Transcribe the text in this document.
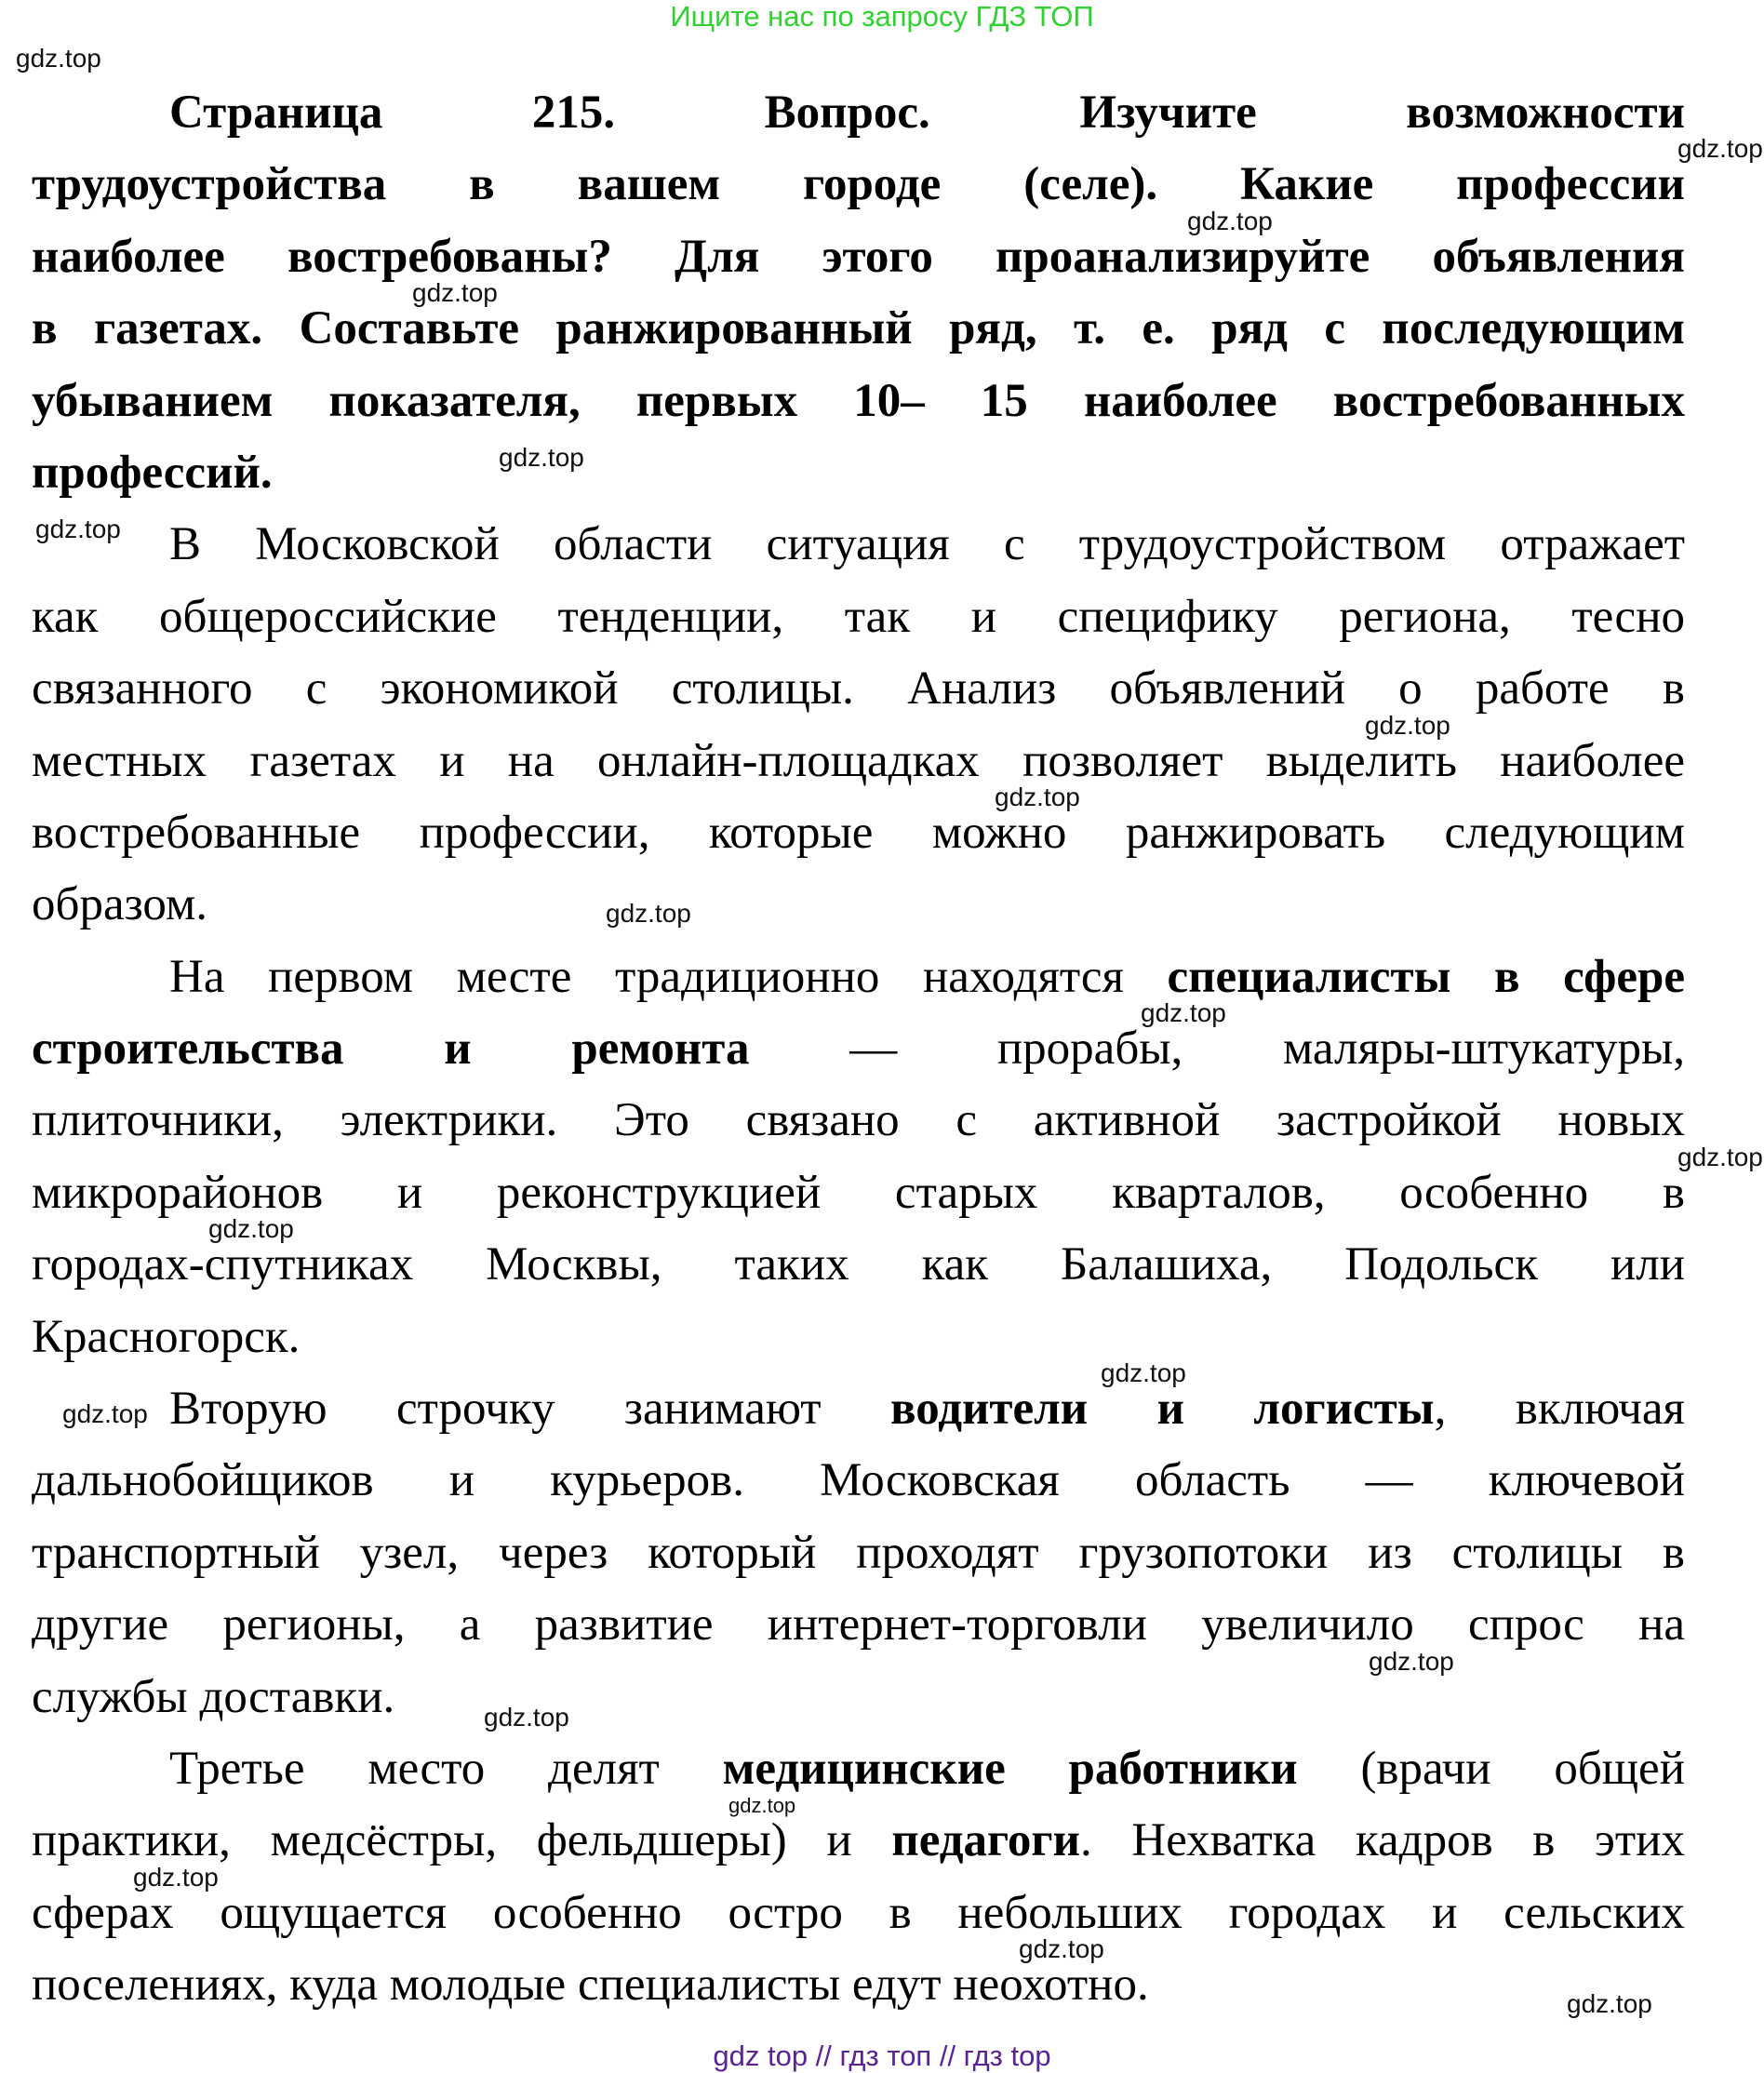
Ищите нас по запросу ГДЗ ТОП
Страница 215. Вопрос. Изучите возможности
трудоустройства в вашем городе (селе). Какие профессии
наиболее востребованы? Для этого проанализируйте объявления
в газетах. Составьте ранжированный ряд, т. е. ряд с последующим
убыванием показателя, первых 10– 15 наиболее востребованных
профессий.
В Московской области ситуация с трудоустройством отражает
как общероссийские тенденции, так и специфику региона, тесно
связанного с экономикой столицы. Анализ объявлений о работе в
местных газетах и на онлайн-площадках позволяет выделить наиболее
востребованные профессии, которые можно ранжировать следующим
образом.
На первом месте традиционно находятся специалисты в сфере
строительства и ремонта — прорабы, маляры-штукатуры,
плиточники, электрики. Это связано с активной застройкой новых
микрорайонов и реконструкцией старых кварталов, особенно в
городах-спутниках Москвы, таких как Балашиха, Подольск или
Красногорск.
Вторую строчку занимают водители и логисты, включая
дальнобойщиков и курьеров. Московская область — ключевой
транспортный узел, через который проходят грузопотоки из столицы в
другие регионы, а развитие интернет-торговли увеличило спрос на
службы доставки.
Третье место делят медицинские работники (врачи общей
практики, медсёстры, фельдшеры) и педагоги. Нехватка кадров в этих
сферах ощущается особенно остро в небольших городах и сельских
поселениях, куда молодые специалисты едут неохотно.
gdz.top
gdz.top
gdz.top
gdz.top
gdz.top
gdz.top
gdz.top
gdz.top
gdz.top
gdz.top
gdz.top
gdz.top
gdz.top
gdz.top
gdz.top
gdz.top
gdz.top
gdz.top
gdz.top
gdz.top
gdz top // гдз топ // гдз top
